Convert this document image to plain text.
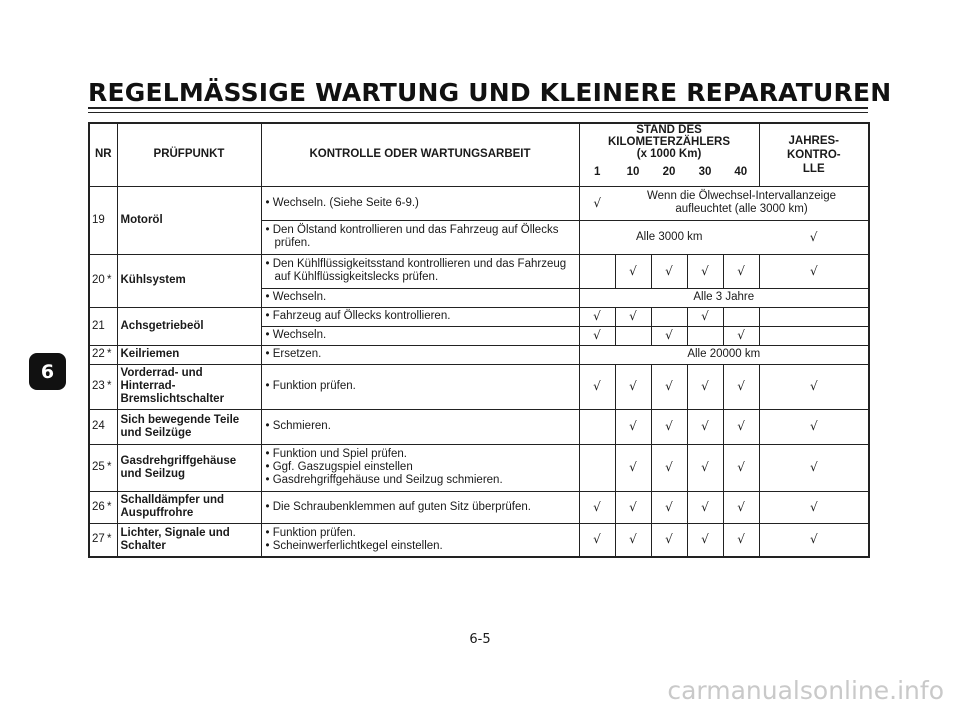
REGELMÄSSIGE WARTUNG UND KLEINERE REPARATUREN
6
NR		PRÜFPUNKT	KONTROLLE ODER WARTUNGSARBEIT	STAND DES KILOMETERZÄHLERS
(x 1000 Km)					JAHRES-
KONTRO-
LLE

				1	10	20	30	40	
19		Motoröl	• Wechseln. (Siehe Seite 6-9.)	√	Wenn die Ölwechsel-Intervallanzeige
aufleuchtet (alle 3000 km)				

			• Den Ölstand kontrollieren und das Fahrzeug auf Öllecks
prüfen.	Alle 3000 km					√
20	*	Kühlsystem	• Den Kühlflüssigkeitsstand kontrollieren und das Fahrzeug
auf Kühlflüssigkeitslecks prüfen.		√	√	√	√	√
			• Wechseln.	Alle 3 Jahre					
21		Achsgetriebeöl	• Fahrzeug auf Öllecks kontrollieren.	√	√		√		
			• Wechseln.	√		√		√	
22	*	Keilriemen	• Ersetzen.	Alle 20000 km					
23	*	Vorderrad- und
Hinterrad-
Bremslichtschalter	• Funktion prüfen.	√	√	√	√	√	√
24		Sich bewegende Teile
und Seilzüge	• Schmieren.		√	√	√	√	√
25	*	Gasdrehgriffgehäuse
und Seilzug	• Funktion und Spiel prüfen.
• Ggf. Gaszugspiel einstellen
• Gasdrehgriffgehäuse und Seilzug schmieren.		√	√	√	√	√
26	*	Schalldämpfer und
Auspuffrohre	• Die Schraubenklemmen auf guten Sitz überprüfen.	√	√	√	√	√	√
27	*	Lichter, Signale und
Schalter	• Funktion prüfen.
• Scheinwerferlichtkegel einstellen.	√	√	√	√	√	√
6-5
carmanualsonline.info
